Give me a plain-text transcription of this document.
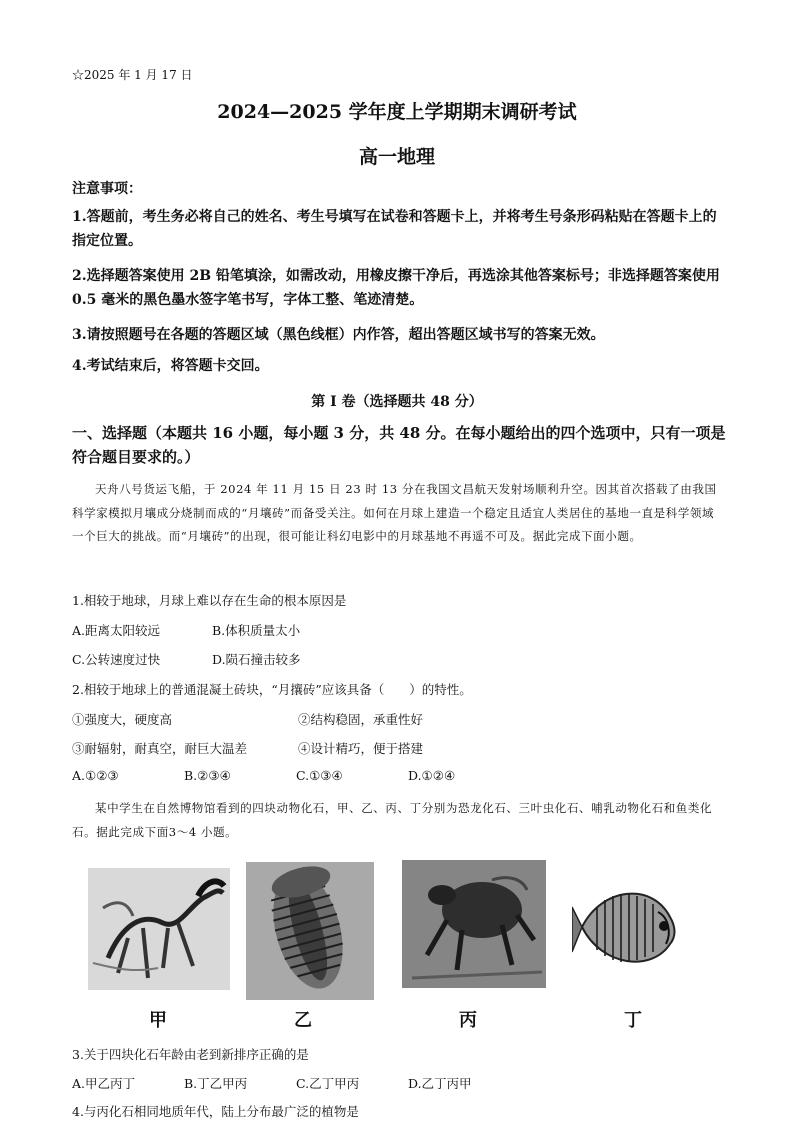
☆2025 年 1 月 17 日
2024—2025 学年度上学期期末调研考试
高一地理
注意事项：
1.答题前，考生务必将自己的姓名、考生号填写在试卷和答题卡上，并将考生号条形码粘贴在答题卡上的指定位置。
2.选择题答案使用 2B 铅笔填涂，如需改动，用橡皮擦干净后，再选涂其他答案标号；非选择题答案使用 0.5 毫米的黑色墨水签字笔书写，字体工整、笔迹清楚。
3.请按照题号在各题的答题区域（黑色线框）内作答，超出答题区域书写的答案无效。
4.考试结束后，将答题卡交回。
第 I 卷（选择题共 48 分）
一、选择题（本题共 16 小题，每小题 3 分，共 48 分。在每小题给出的四个选项中，只有一项是符合题目要求的。）
天舟八号货运飞船，于 2024 年 11 月 15 日 23 时 13 分在我国文昌航天发射场顺利升空。因其首次搭载了由我国科学家模拟月壤成分烧制而成的“月壤砖”而备受关注。如何在月球上建造一个稳定且适宜人类居住的基地一直是科学领域一个巨大的挑战。而“月壤砖”的出现，很可能让科幻电影中的月球基地不再遥不可及。据此完成下面小题。
1.相较于地球，月球上难以存在生命的根本原因是
A.距离太阳较远	B.体积质量太小
C.公转速度过快	D.陨石撞击较多
2.相较于地球上的普通混凝土砖块，“月攘砖”应该具备（　　）的特性。
①强度大，硬度高	②结构稳固，承重性好
③耐辐射，耐真空，耐巨大温差	④设计精巧，便于搭建
A.①②③	B.②③④	C.①③④	D.①②④
某中学生在自然博物馆看到的四块动物化石，甲、乙、丙、丁分别为恐龙化石、三叶虫化石、哺乳动物化石和鱼类化石。据此完成下面3～4 小题。
甲	乙	丙	丁
3.关于四块化石年龄由老到新排序正确的是
A.甲乙丙丁	B.丁乙甲丙	C.乙丁甲丙	D.乙丁丙甲
4.与丙化石相同地质年代，陆上分布最广泛的植物是
